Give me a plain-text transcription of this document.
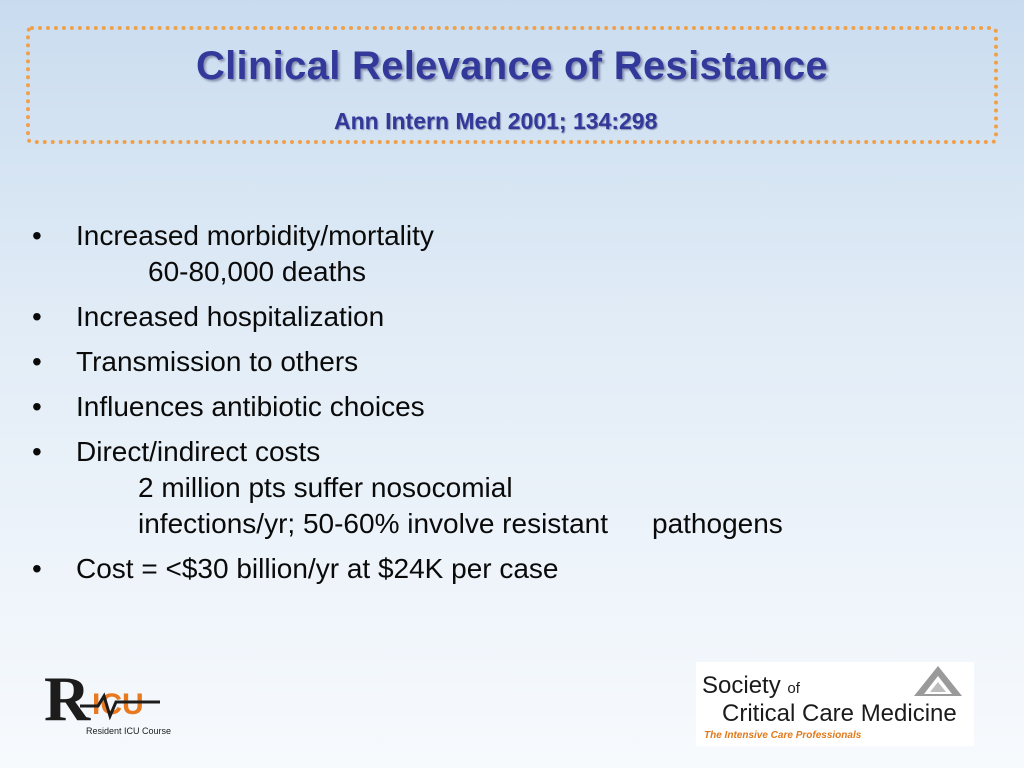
Clinical Relevance of Resistance
Ann Intern Med 2001; 134:298
• Increased morbidity/mortality
60-80,000 deaths
• Increased hospitalization
• Transmission to others
• Influences antibiotic choices
• Direct/indirect costs
2 million pts suffer nosocomial
infections/yr; 50-60% involve resistant pathogens
• Cost = <$30 billion/yr at $24K per case
R ICU
Resident ICU Course
Society of
Critical Care Medicine
The Intensive Care Professionals
